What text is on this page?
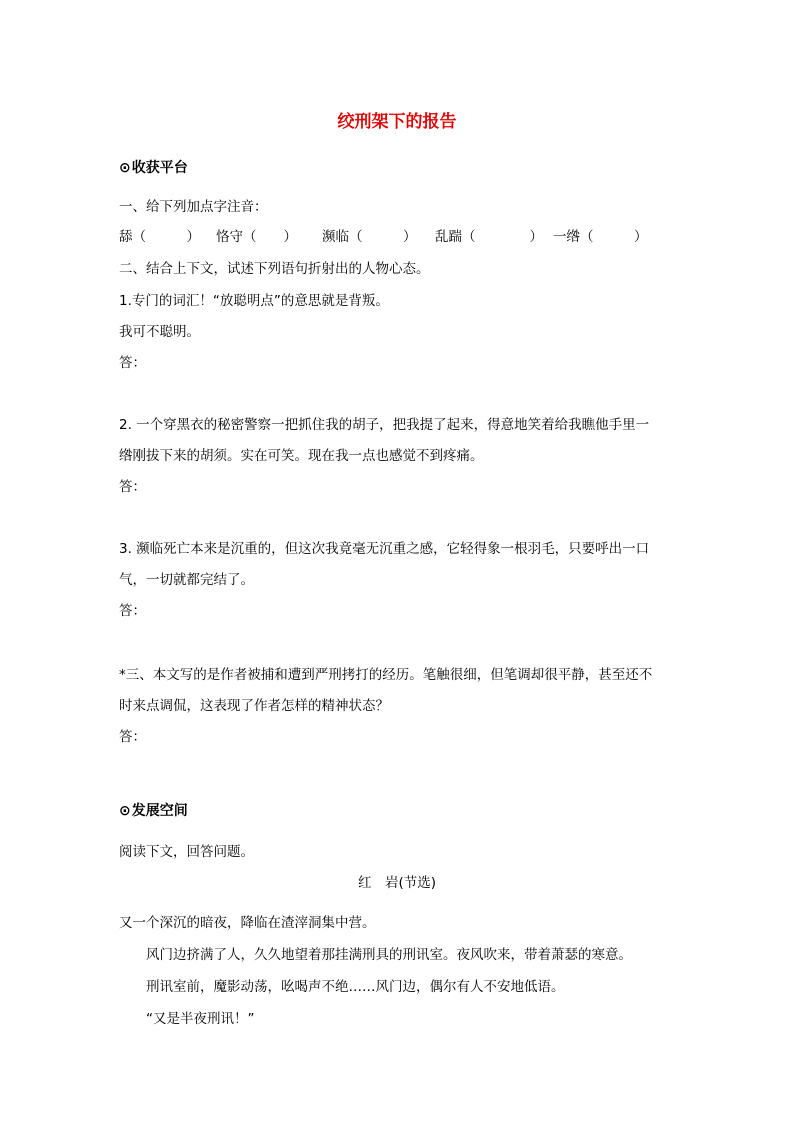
绞刑架下的报告
⊙收获平台
一、给下列加点字注音：
舔（　　　） 恪守（　　） 濒临（　　　） 乱踹（　　　　） 一绺（　　　）
二、结合上下文，试述下列语句折射出的人物心态。
1.专门的词汇！“放聪明点”的意思就是背叛。
我可不聪明。
答：
2. 一个穿黑衣的秘密警察一把抓住我的胡子，把我提了起来，得意地笑着给我瞧他手里一
绺刚拔下来的胡须。实在可笑。现在我一点也感觉不到疼痛。
答：
3. 濒临死亡本来是沉重的，但这次我竟毫无沉重之感，它轻得象一根羽毛，只要呼出一口
气，一切就都完结了。
答：
*三、本文写的是作者被捕和遭到严刑拷打的经历。笔触很细，但笔调却很平静，甚至还不
时来点调侃，这表现了作者怎样的精神状态？
答：
⊙发展空间
阅读下文，回答问题。
红　岩(节选)
又一个深沉的暗夜，降临在渣滓洞集中营。
风门边挤满了人，久久地望着那挂满刑具的刑讯室。夜风吹来，带着萧瑟的寒意。
刑讯室前，魔影动荡，吆喝声不绝……风门边，偶尔有人不安地低语。
“又是半夜刑讯！”
